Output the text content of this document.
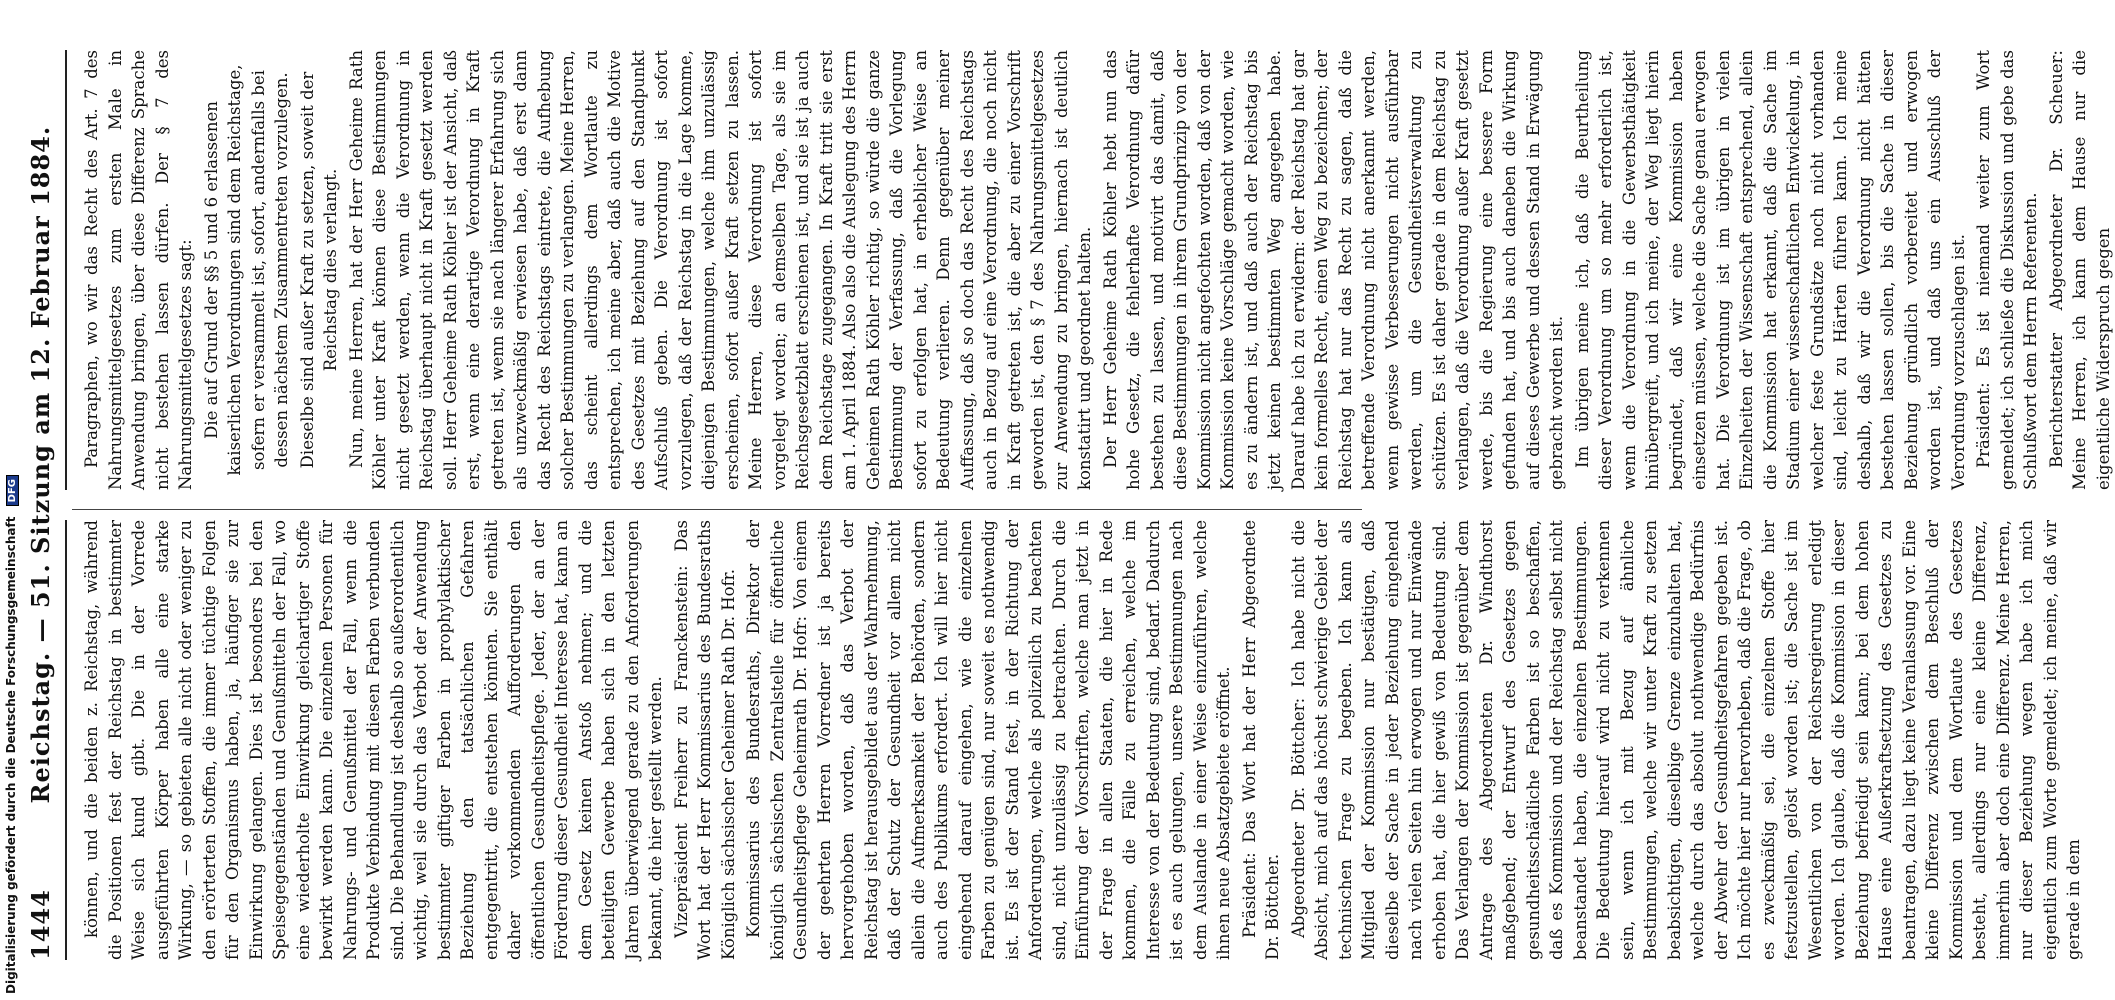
1444
Reichstag. — 51. Sitzung am 12. Februar 1884. können, und die beiden z. Reichstag, während die Positionen fest der Reichstag in bestimmter Weise sich kund gibt. Die in der Vorrede ausgeführten Körper haben alle eine starke Wirkung, — so gebieten alle nicht oder weniger zu den erörterten Stoffen, die immer tüchtige Folgen für den Organismus haben, ja, häufiger sie zur Einwirkung gelangen. Dies ist besonders bei den Speisegegenständen und Genußmitteln der Fall, wo eine wiederholte Einwirkung gleichartiger Stoffe bewirkt werden kann. Die einzelnen Personen für Nahrungs- und Genußmittel der Fall, wenn die Produkte Verbindung mit diesen Farben verbunden sind. Die Behandlung ist deshalb so außerordentlich wichtig, weil sie durch das Verbot der Anwendung bestimmter giftiger Farben in prophylaktischer Beziehung den tatsächlichen Gefahren entgegentritt, die entstehen könnten. Sie enthält daher vorkommenden Aufforderungen den öffentlichen Gesundheitspflege. Jeder, der an der Förderung dieser Gesundheit Interesse hat, kann an dem Gesetz keinen Anstoß nehmen; und die beteiligten Gewerbe haben sich in den letzten Jahren überwiegend gerade zu den Anforderungen bekannt, die hier gestellt werden. Vizepräsident Freiherr zu Franckenstein: Das Wort hat der Herr Kommissarius des Bundesraths Königlich sächsischer Geheimer Rath Dr. Hofr. Kommissarius des Bundesraths, Direktor der königlich sächsischen Zentralstelle für öffentliche Gesundheitspflege Geheimrath Dr. Hofr: Von einem der geehrten Herren Vorredner ist ja bereits hervorgehoben worden, daß das Verbot der Reichstag ist herausgebildet aus der Wahrnehmung, daß der Schutz der Gesundheit vor allem nicht allein die Aufmerksamkeit der Behörden, sondern auch des Publikums erfordert. Ich will hier nicht eingehend darauf eingehen, wie die einzelnen Farben zu genügen sind, nur soweit es nothwendig ist. Es ist der Stand fest, in der Richtung der Anforderungen, welche als polizeilich zu beachten sind, nicht unzulässig zu betrachten. Durch die Einführung der Vorschriften, welche man jetzt in der Frage in allen Staaten, die hier in Rede kommen, die Fälle zu erreichen, welche im Interesse von der Bedeutung sind, bedarf. Dadurch ist es auch gelungen, unsere Bestimmungen nach dem Auslande in einer Weise einzuführen, welche ihnen neue Absatzgebiete eröffnet. Präsident: Das Wort hat der Herr Abgeordnete Dr. Böttcher. Abgeordneter Dr. Böttcher: Ich habe nicht die Absicht, mich auf das höchst schwierige Gebiet der technischen Frage zu begeben. Ich kann als Mitglied der Kommission nur bestätigen, daß dieselbe der Sache in jeder Beziehung eingehend nach vielen Seiten hin erwogen und nur Einwände erhoben hat, die hier gewiß von Bedeutung sind. Das Verlangen der Kommission ist gegenüber dem Antrage des Abgeordneten Dr. Windthorst maßgebend; der Entwurf des Gesetzes gegen gesundheitsschädliche Farben ist so beschaffen, daß es Kommission und der Reichstag selbst nicht beanstandet haben, die einzelnen Bestimmungen. Die Bedeutung hierauf wird nicht zu verkennen sein, wenn ich mit Bezug auf ähnliche Bestimmungen, welche wir unter Kraft zu setzen beabsichtigen, dieselbige Grenze einzuhalten hat, welche durch das absolut nothwendige Bedürfnis der Abwehr der Gesundheitsgefahren gegeben ist. Ich möchte hier nur hervorheben, daß die Frage, ob es zweckmäßig sei, die einzelnen Stoffe hier festzustellen, gelöst worden ist; die Sache ist im Wesentlichen von der Reichsregierung erledigt worden. Ich glaube, daß die Kommission in dieser Beziehung befriedigt sein kann; bei dem hohen Hause eine Außerkraftsetzung des Gesetzes zu beantragen, dazu liegt keine Veranlassung vor. Eine kleine Differenz zwischen dem Beschluß der Kommission und dem Wortlaute des Gesetzes besteht, allerdings nur eine kleine Differenz, immerhin aber doch eine Differenz. Meine Herren, nur dieser Beziehung wegen habe ich mich eigentlich zum Worte gemeldet; ich meine, daß wir gerade in dem

Paragraphen, wo wir das Recht des Art. 7 des Nahrungsmittelgesetzes zum ersten Male in Anwendung bringen, über diese Differenz Sprache nicht bestehen lassen dürfen. Der § 7 des Nahrungsmittelgesetzes sagt: Die auf Grund der §§ 5 und 6 erlassenen kaiserlichen Verordnungen sind dem Reichstage, sofern er versammelt ist, sofort, andernfalls bei dessen nächstem Zusammentreten vorzulegen. Dieselbe sind außer Kraft zu setzen, soweit der Reichstag dies verlangt. Nun, meine Herren, hat der Herr Geheime Rath Köhler unter Kraft können diese Bestimmungen nicht gesetzt werden, wenn die Verordnung in Reichstag überhaupt nicht in Kraft gesetzt werden soll. Herr Geheime Rath Köhler ist der Ansicht, daß erst, wenn eine derartige Verordnung in Kraft getreten ist, wenn sie nach längerer Erfahrung sich als unzweckmäßig erwiesen habe, daß erst dann das Recht des Reichstags eintrete, die Aufhebung solcher Bestimmungen zu verlangen. Meine Herren, das scheint allerdings dem Wortlaute zu entsprechen, ich meine aber, daß auch die Motive des Gesetzes mit Beziehung auf den Standpunkt Aufschluß geben. Die Verordnung ist sofort vorzulegen, daß der Reichstag in die Lage komme, diejenigen Bestimmungen, welche ihm unzulässig erscheinen, sofort außer Kraft setzen zu lassen. Meine Herren, diese Verordnung ist sofort vorgelegt worden; an demselben Tage, als sie im Reichsgesetzblatt erschienen ist, und sie ist ja auch dem Reichstage zugegangen. In Kraft tritt sie erst am 1. April 1884. Also also die Auslegung des Herrn Geheimen Rath Köhler richtig, so würde die ganze Bestimmung der Verfassung, daß die Vorlegung sofort zu erfolgen hat, in erheblicher Weise an Bedeutung verlieren. Denn gegenüber meiner Auffassung, daß so doch das Recht des Reichstags auch in Bezug auf eine Verordnung, die noch nicht in Kraft getreten ist, die aber zu einer Vorschrift geworden ist, den § 7 des Nahrungsmittelgesetzes zur Anwendung zu bringen, hiernach ist deutlich konstatirt und geordnet halten. Der Herr Geheime Rath Köhler hebt nun das hohe Gesetz, die fehlerhafte Verordnung dafür bestehen zu lassen, und motivirt das damit, daß diese Bestimmungen in ihrem Grundprinzip von der Kommission nicht angefochten worden, daß von der Kommission keine Vorschläge gemacht worden, wie es zu ändern ist, und daß auch der Reichstag bis jetzt keinen bestimmten Weg angegeben habe. Darauf habe ich zu erwidern: der Reichstag hat gar kein formelles Recht, einen Weg zu bezeichnen; der Reichstag hat nur das Recht zu sagen, daß die betreffende Verordnung nicht anerkannt werden, wenn gewisse Verbesserungen nicht ausführbar werden, um die Gesundheitsverwaltung zu schützen. Es ist daher gerade in dem Reichstag zu verlangen, daß die Verordnung außer Kraft gesetzt werde, bis die Regierung eine bessere Form gefunden hat, und bis auch daneben die Wirkung auf dieses Gewerbe und dessen Stand in Erwägung gebracht worden ist. Im übrigen meine ich, daß die Beurtheilung dieser Verordnung um so mehr erforderlich ist, wenn die Verordnung in die Gewerbsthätigkeit hinübergreift, und ich meine, der Weg liegt hierin begründet, daß wir eine Kommission haben einsetzen müssen, welche die Sache genau erwogen hat. Die Verordnung ist im übrigen in vielen Einzelheiten der Wissenschaft entsprechend, allein die Kommission hat erkannt, daß die Sache im Stadium einer wissenschaftlichen Entwickelung, in welcher feste Grundsätze noch nicht vorhanden sind, leicht zu Härten führen kann. Ich meine deshalb, daß wir die Verordnung nicht hätten bestehen lassen sollen, bis die Sache in dieser Beziehung gründlich vorbereitet und erwogen worden ist, und daß uns ein Ausschluß der Verordnung vorzuschlagen ist. Präsident: Es ist niemand weiter zum Wort gemeldet; ich schließe die Diskussion und gebe das Schlußwort dem Herrn Referenten. Berichterstatter Abgeordneter Dr. Scheuer: Meine Herren, ich kann dem Hause nur die eigentliche Widerspruch gegen

Digitalisierung gefördert durch die Deutsche Forschungsgemeinschaft DFG
